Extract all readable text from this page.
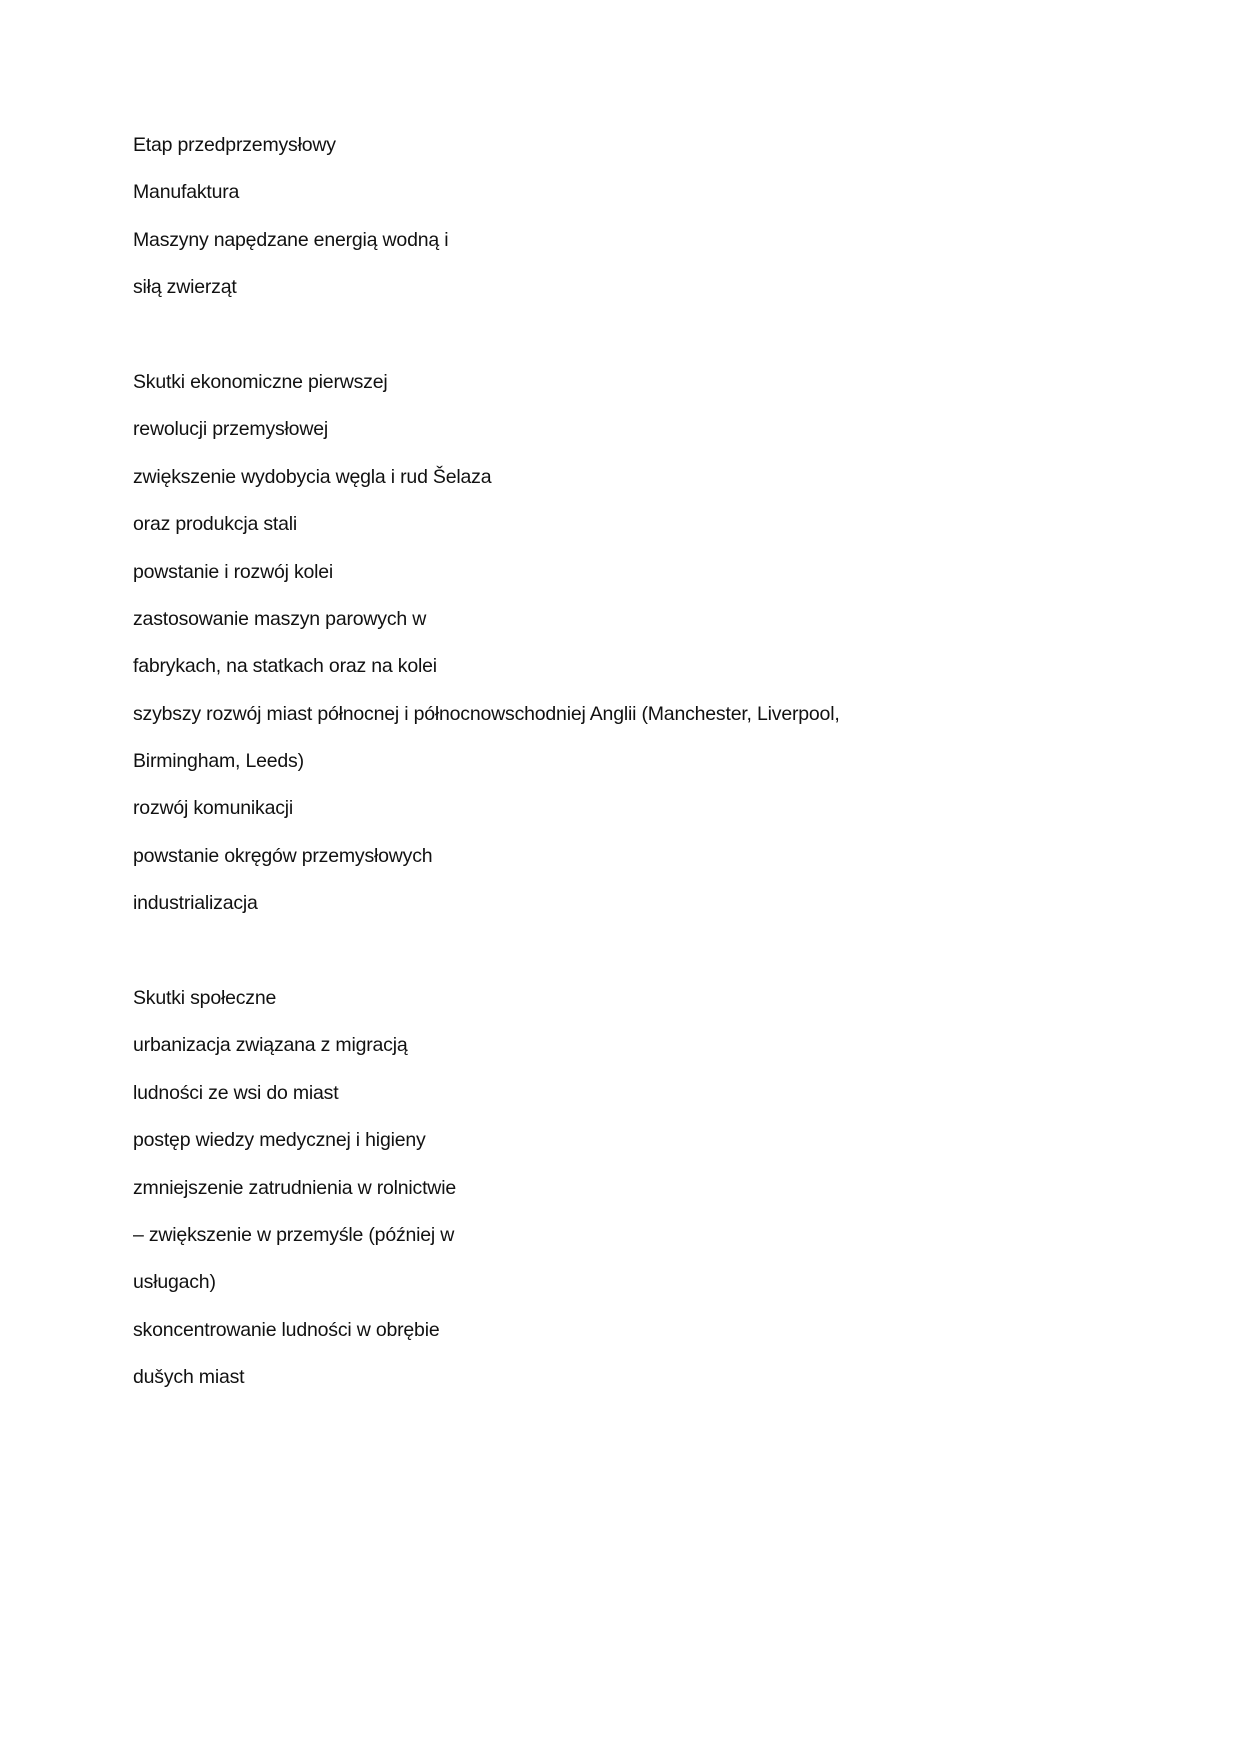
Etap przedprzemysłowy
Manufaktura
Maszyny napędzane energią wodną i
siłą zwierząt
Skutki ekonomiczne pierwszej
rewolucji przemysłowej
zwiększenie wydobycia węgla i rud Šelaza
oraz produkcja stali
powstanie i rozwój kolei
zastosowanie maszyn parowych w
fabrykach, na statkach oraz na kolei
szybszy rozwój miast północnej i północnowschodniej Anglii (Manchester, Liverpool,
Birmingham, Leeds)
rozwój komunikacji
powstanie okręgów przemysłowych
industrializacja
Skutki społeczne
urbanizacja związana z migracją
ludności ze wsi do miast
postęp wiedzy medycznej i higieny
zmniejszenie zatrudnienia w rolnictwie
– zwiększenie w przemyśle (później w
usługach)
skoncentrowanie ludności w obrębie
dušych miast
